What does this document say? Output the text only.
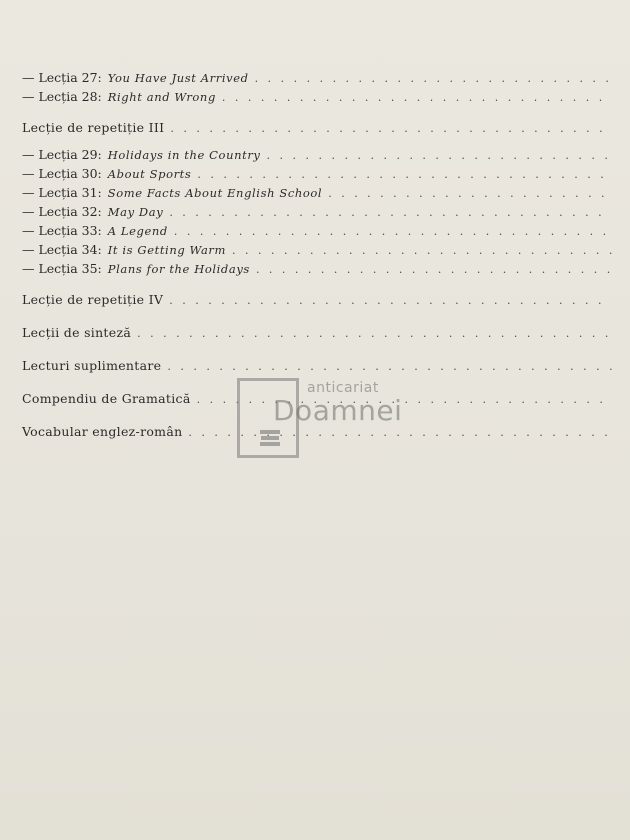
— Lecția 27 : You Have Just Arrived
. . .
— Lecția 28 : Right and Wrong
. . .
Lecție de repetiție III
. . .
— Lecția 29 : Holidays in the Country
. . .
— Lecția 30 : About Sports
. . .
— Lecția 31 : Some Facts About English School
. . .
— Lecția 32 : May Day
. . .
— Lecția 33 : A Legend
. . .
— Lecția 34 : It is Getting Warm
. . .
— Lecția 35 : Plans for the Holidays
. . .
Lecție de repetiție IV
. . .
Lecții de sinteză
. . .
Lecturi suplimentare
. . .
Compendiu de Gramatică
. . .
Vocabular englez-român
. . .
anticariat
Doamnei
